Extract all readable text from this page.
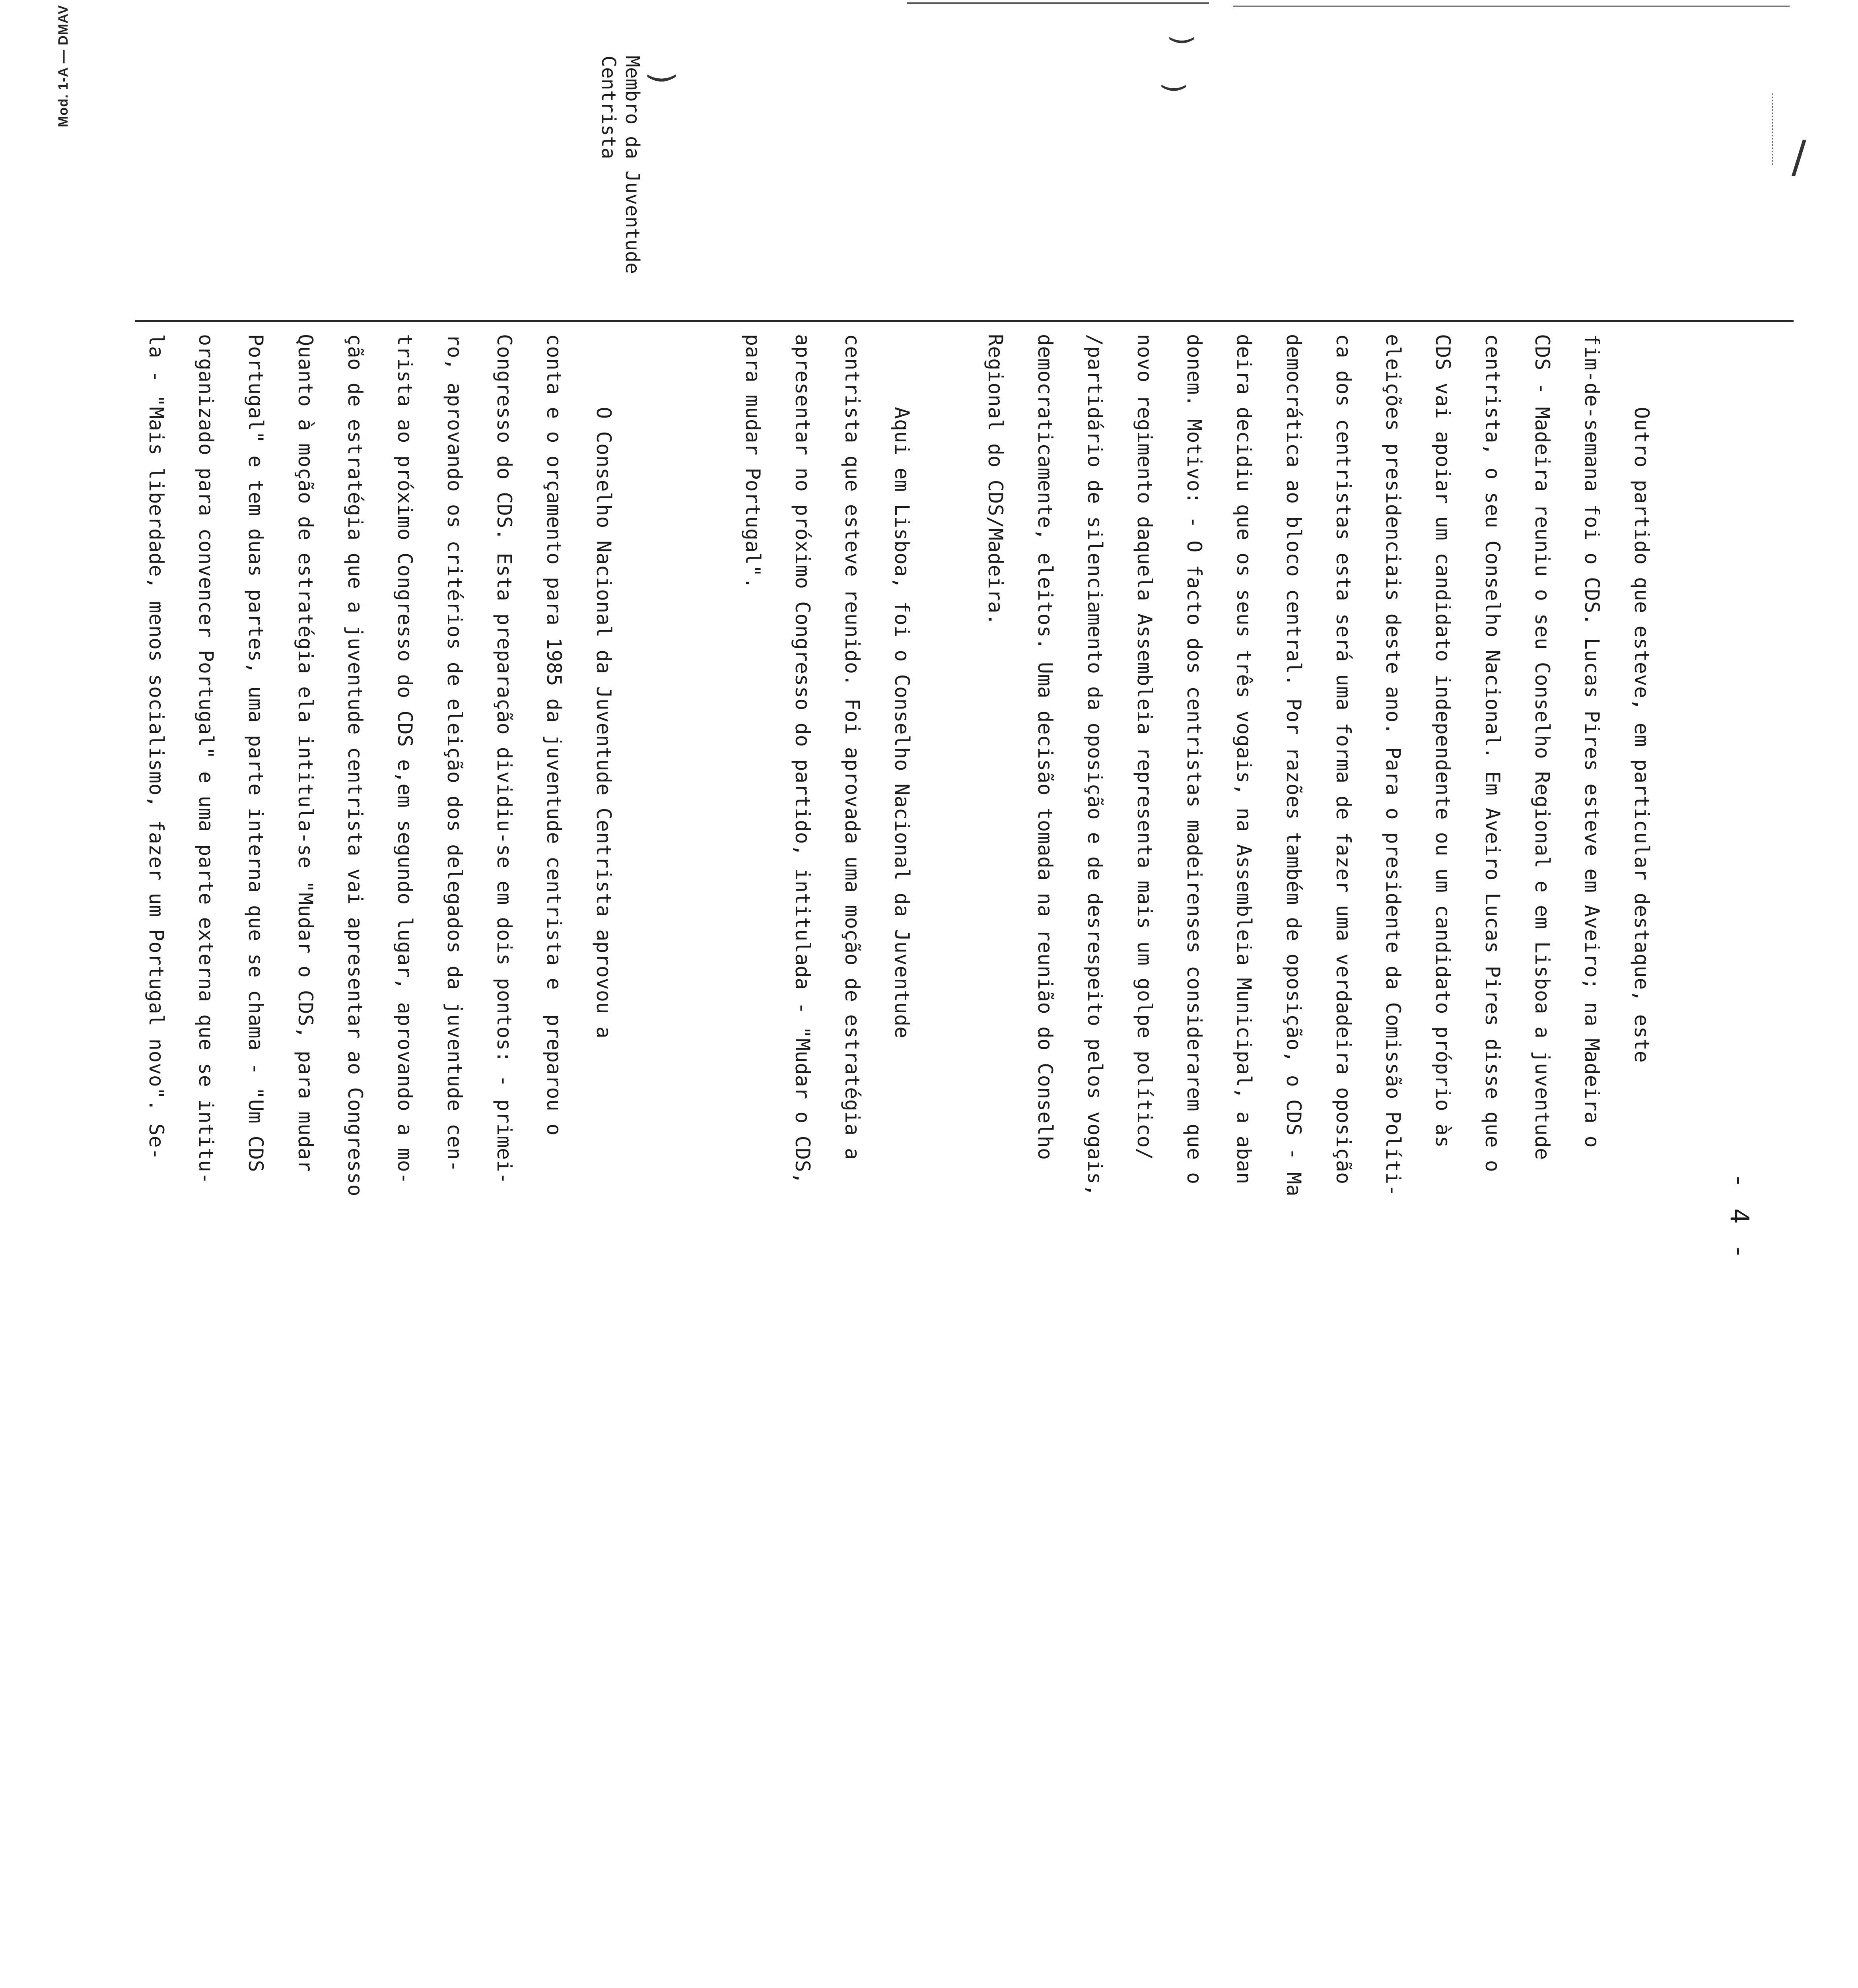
Mod. 1-A — DMAV	)
)
)
/
- 4 -
Membro da Juventude
Centrista
Outro partido que esteve, em particular destaque, este
fim-de-semana foi o CDS. Lucas Pires esteve em Aveiro; na Madeira o
CDS - Madeira reuniu o seu Conselho Regional e em Lisboa a juventude
centrista, o seu Conselho Nacional. Em Aveiro Lucas Pires disse que o
CDS vai apoiar um candidato independente ou um candidato próprio às
eleições presidenciais deste ano. Para o presidente da Comissão Políti-
ca dos centristas esta será uma forma de fazer uma verdadeira oposição
democrática ao bloco central. Por razões também de oposição, o CDS - Ma
deira decidiu que os seus três vogais, na Assembleia Municipal, a aban
donem. Motivo: - O facto dos centristas madeirenses considerarem que o
novo regimento daquela Assembleia representa mais um golpe político/
/partidário de silenciamento da oposição e de desrespeito pelos vogais,
democraticamente, eleitos. Uma decisão tomada na reunião do Conselho
Regional do CDS/Madeira.
Aqui em Lisboa, foi o Conselho Nacional da Juventude
centrista que esteve reunido. Foi aprovada uma moção de estratégia a
apresentar no próximo Congresso do partido, intitulada - "Mudar o CDS,
para mudar Portugal".
O Conselho Nacional da Juventude Centrista aprovou a
conta e o orçamento para 1985 da juventude centrista e  preparou o
Congresso do CDS. Esta preparação dividiu-se em dois pontos: - primei-
ro, aprovando os critérios de eleição dos delegados da juventude cen-
trista ao próximo Congresso do CDS e,em segundo lugar, aprovando a mo-
ção de estratégia que a juventude centrista vai apresentar ao Congresso
Quanto à moção de estratégia ela intitula-se "Mudar o CDS, para mudar
Portugal" e tem duas partes, uma parte interna que se chama - "Um CDS
organizado para convencer Portugal" e uma parte externa que se intitu-
la - "Mais liberdade, menos socialismo, fazer um Portugal novo". Se-
